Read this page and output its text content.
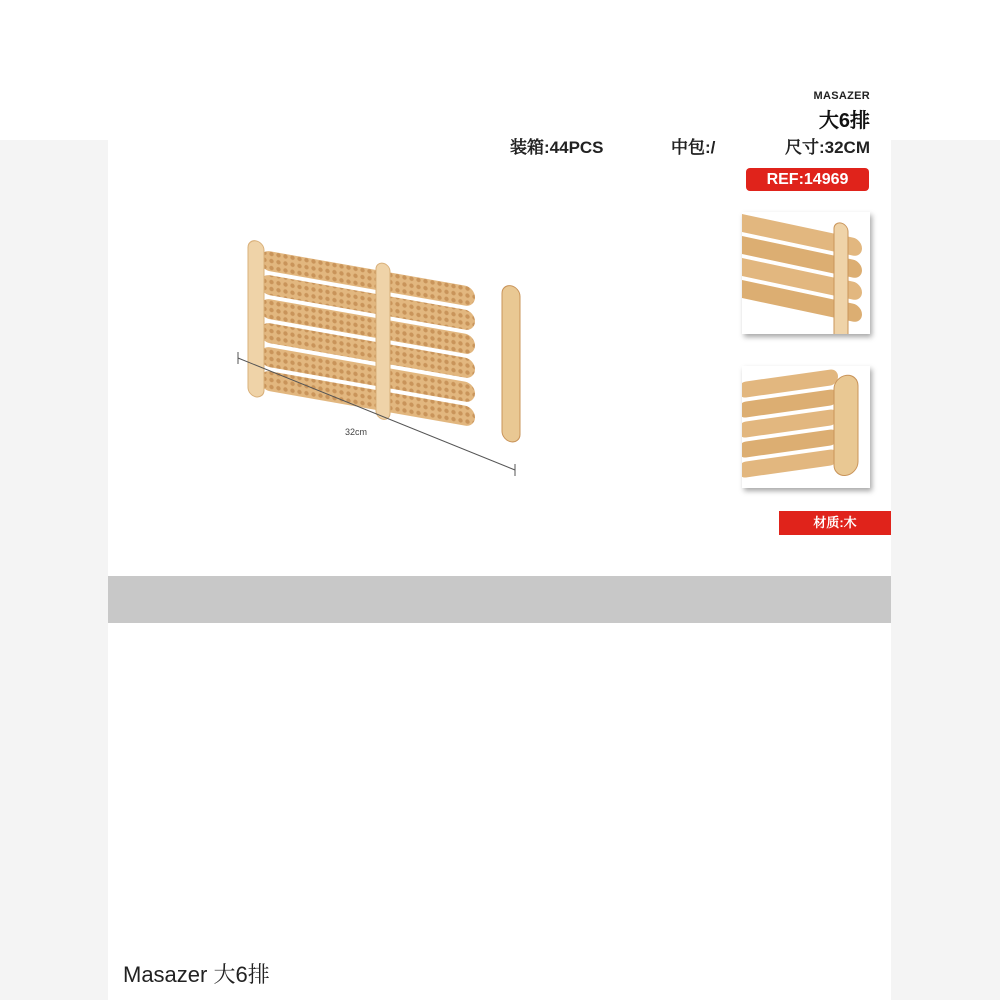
MASAZER
大6排
装箱:44PCS	中包:/	尺寸:32CM
REF:14969
32cm
材质:木
Masazer 大6排
